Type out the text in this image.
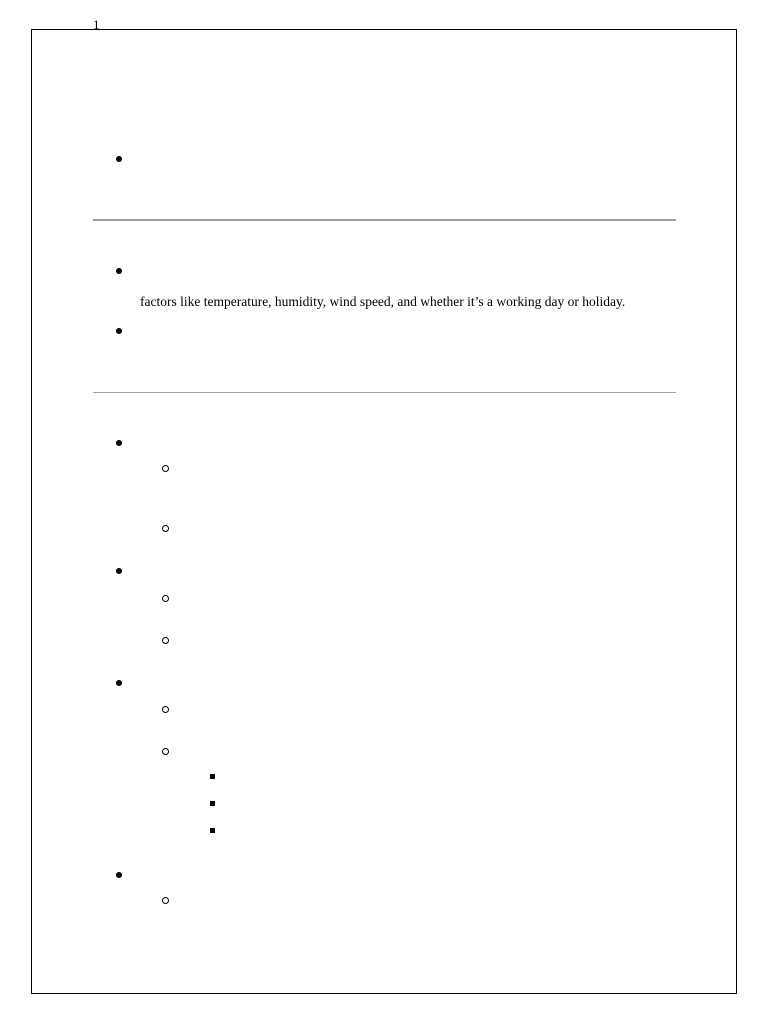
1
factors like temperature, humidity, wind speed, and whether it’s a working day or holiday.
